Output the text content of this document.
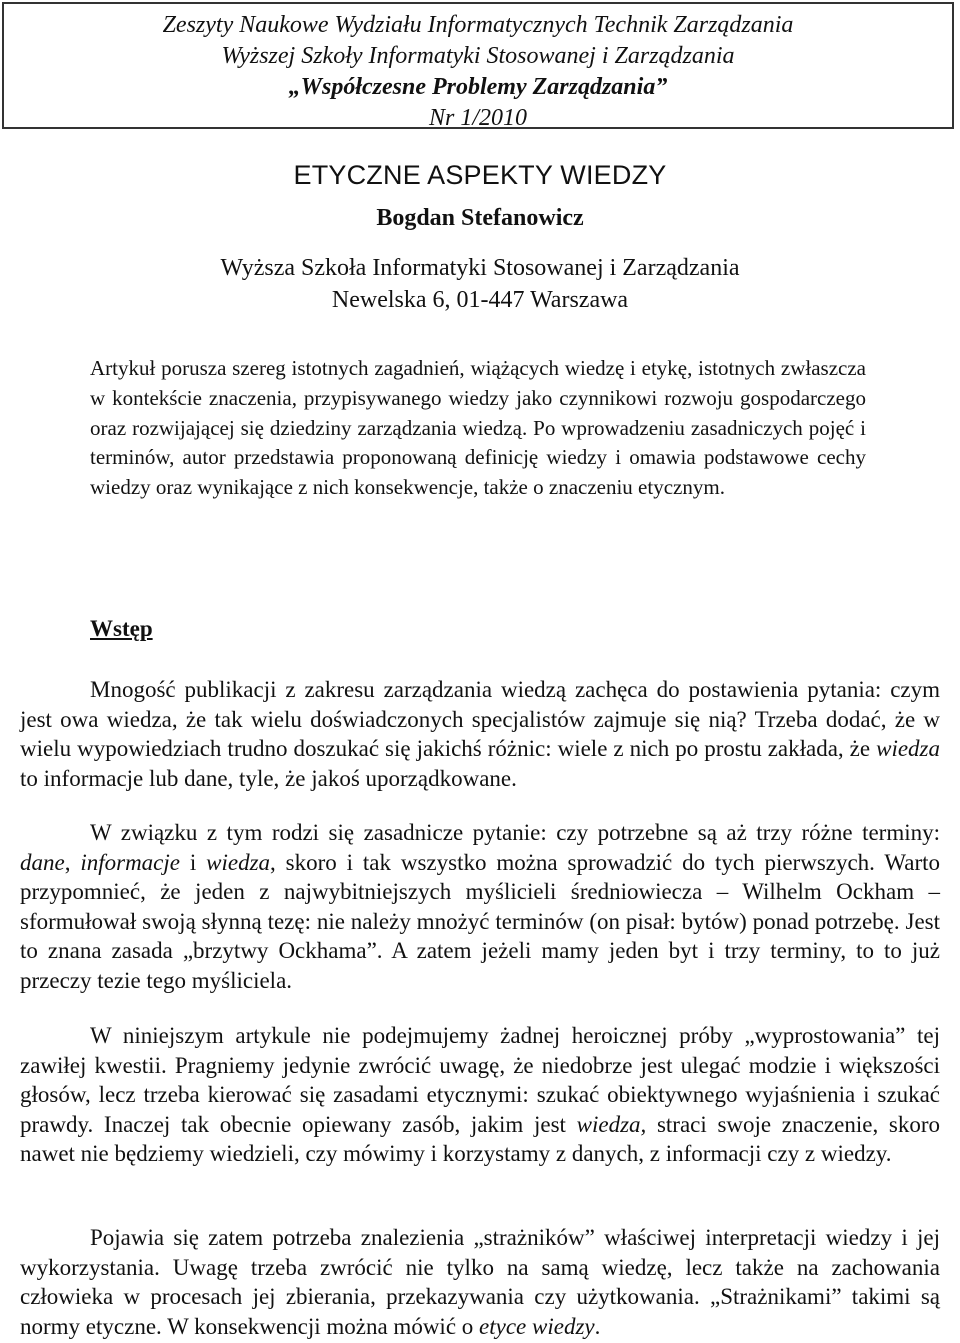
Zeszyty Naukowe Wydziału Informatycznych Technik Zarządzania
Wyższej Szkoły Informatyki Stosowanej i Zarządzania
„Współczesne Problemy Zarządzania”
Nr 1/2010
ETYCZNE ASPEKTY WIEDZY
Bogdan Stefanowicz
Wyższa Szkoła Informatyki Stosowanej i Zarządzania
Newelska 6, 01-447 Warszawa

Artykuł porusza szereg istotnych zagadnień, wiążących wiedzę i etykę, istotnych zwłaszcza w kontekście znaczenia, przypisywanego wiedzy jako czynnikowi rozwoju gospodarczego oraz rozwijającej się dziedziny zarządzania wiedzą. Po wprowadzeniu zasadniczych pojęć i terminów, autor przedstawia proponowaną definicję wiedzy i omawia podstawowe cechy wiedzy oraz wynikające z nich konsekwencje, także o znaczeniu etycznym.

Wstęp

Mnogość publikacji z zakresu zarządzania wiedzą zachęca do postawienia pytania: czym jest owa wiedza, że tak wielu doświadczonych specjalistów zajmuje się nią? Trzeba dodać, że w wielu wypowiedziach trudno doszukać się jakichś różnic: wiele z nich po prostu zakłada, że wiedza to informacje lub dane, tyle, że jakoś uporządkowane.

W związku z tym rodzi się zasadnicze pytanie: czy potrzebne są aż trzy różne terminy: dane, informacje i wiedza, skoro i tak wszystko można sprowadzić do tych pierwszych. Warto przypomnieć, że jeden z najwybitniejszych myślicieli średniowiecza – Wilhelm Ockham – sformułował swoją słynną tezę: nie należy mnożyć terminów (on pisał: bytów) ponad potrzebę. Jest to znana zasada „brzytwy Ockhama”. A zatem jeżeli mamy jeden byt i trzy terminy, to to już przeczy tezie tego myśliciela.

W niniejszym artykule nie podejmujemy żadnej heroicznej próby „wyprostowania” tej zawiłej kwestii. Pragniemy jedynie zwrócić uwagę, że niedobrze jest ulegać modzie i większości głosów, lecz trzeba kierować się zasadami etycznymi: szukać obiektywnego wyjaśnienia i szukać prawdy. Inaczej tak obecnie opiewany zasób, jakim jest wiedza, straci swoje znaczenie, skoro nawet nie będziemy wiedzieli, czy mówimy i korzystamy z danych, z informacji czy z wiedzy.

Pojawia się zatem potrzeba znalezienia „strażników” właściwej interpretacji wiedzy i jej wykorzystania. Uwagę trzeba zwrócić nie tylko na samą wiedzę, lecz także na zachowania człowieka w procesach jej zbierania, przekazywania czy użytkowania. „Strażnikami” takimi są normy etyczne. W konsekwencji można mówić o etyce wiedzy.
